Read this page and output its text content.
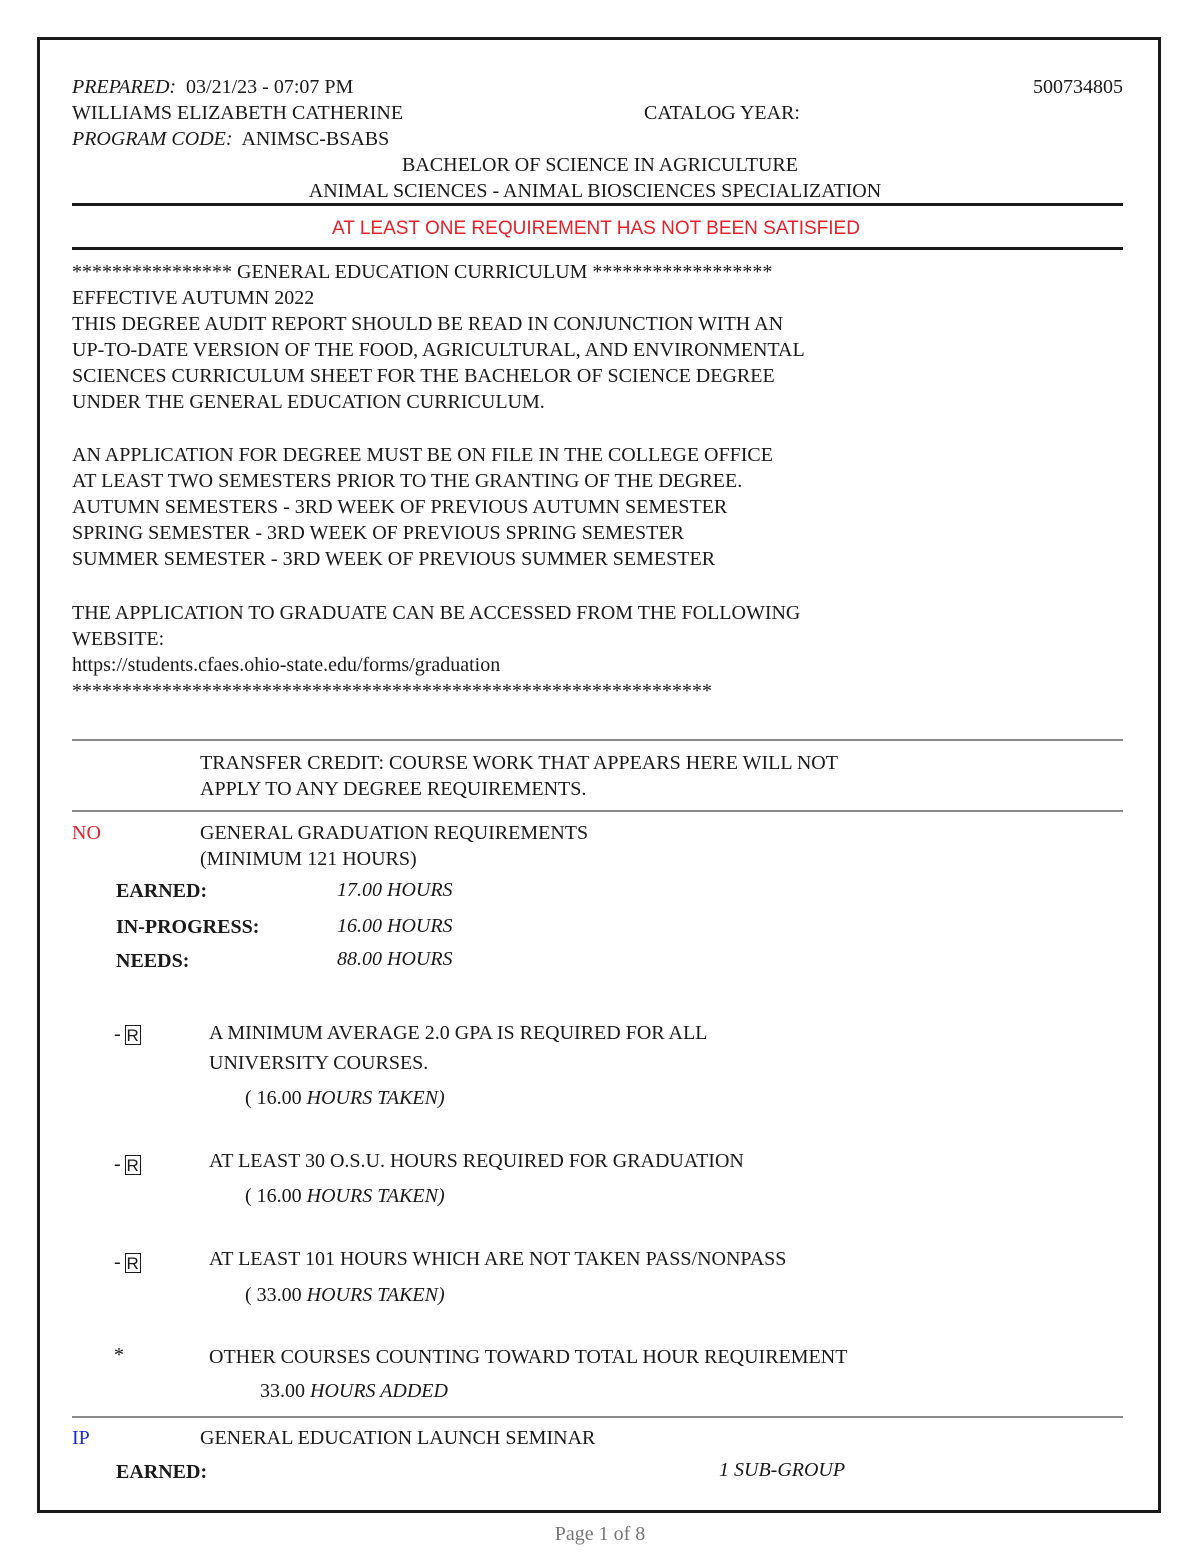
PREPARED: 03/21/23 - 07:07 PM	500734805
WILLIAMS ELIZABETH CATHERINE	CATALOG YEAR:
PROGRAM CODE: ANIMSC-BSABS
BACHELOR OF SCIENCE IN AGRICULTURE
ANIMAL SCIENCES - ANIMAL BIOSCIENCES SPECIALIZATION
AT LEAST ONE REQUIREMENT HAS NOT BEEN SATISFIED
**************** GENERAL EDUCATION CURRICULUM ******************
EFFECTIVE AUTUMN 2022
THIS DEGREE AUDIT REPORT SHOULD BE READ IN CONJUNCTION WITH AN
UP-TO-DATE VERSION OF THE FOOD, AGRICULTURAL, AND ENVIRONMENTAL
SCIENCES CURRICULUM SHEET FOR THE BACHELOR OF SCIENCE DEGREE
UNDER THE GENERAL EDUCATION CURRICULUM.
AN APPLICATION FOR DEGREE MUST BE ON FILE IN THE COLLEGE OFFICE
AT LEAST TWO SEMESTERS PRIOR TO THE GRANTING OF THE DEGREE.
AUTUMN SEMESTERS - 3RD WEEK OF PREVIOUS AUTUMN SEMESTER
SPRING SEMESTER - 3RD WEEK OF PREVIOUS SPRING SEMESTER
SUMMER SEMESTER - 3RD WEEK OF PREVIOUS SUMMER SEMESTER
THE APPLICATION TO GRADUATE CAN BE ACCESSED FROM THE FOLLOWING
WEBSITE:
https://students.cfaes.ohio-state.edu/forms/graduation
****************************************************************
TRANSFER CREDIT: COURSE WORK THAT APPEARS HERE WILL NOT
APPLY TO ANY DEGREE REQUIREMENTS.
NO	GENERAL GRADUATION REQUIREMENTS
(MINIMUM 121 HOURS)
EARNED:	17.00 HOURS
IN-PROGRESS:	16.00 HOURS
NEEDS:	88.00 HOURS
- R	A MINIMUM AVERAGE 2.0 GPA IS REQUIRED FOR ALL
UNIVERSITY COURSES.
( 16.00 HOURS TAKEN)
- R	AT LEAST 30 O.S.U. HOURS REQUIRED FOR GRADUATION
( 16.00 HOURS TAKEN)
- R	AT LEAST 101 HOURS WHICH ARE NOT TAKEN PASS/NONPASS
( 33.00 HOURS TAKEN)
*	OTHER COURSES COUNTING TOWARD TOTAL HOUR REQUIREMENT
33.00 HOURS ADDED
IP	GENERAL EDUCATION LAUNCH SEMINAR
EARNED:	1 SUB-GROUP
Page 1 of 8
